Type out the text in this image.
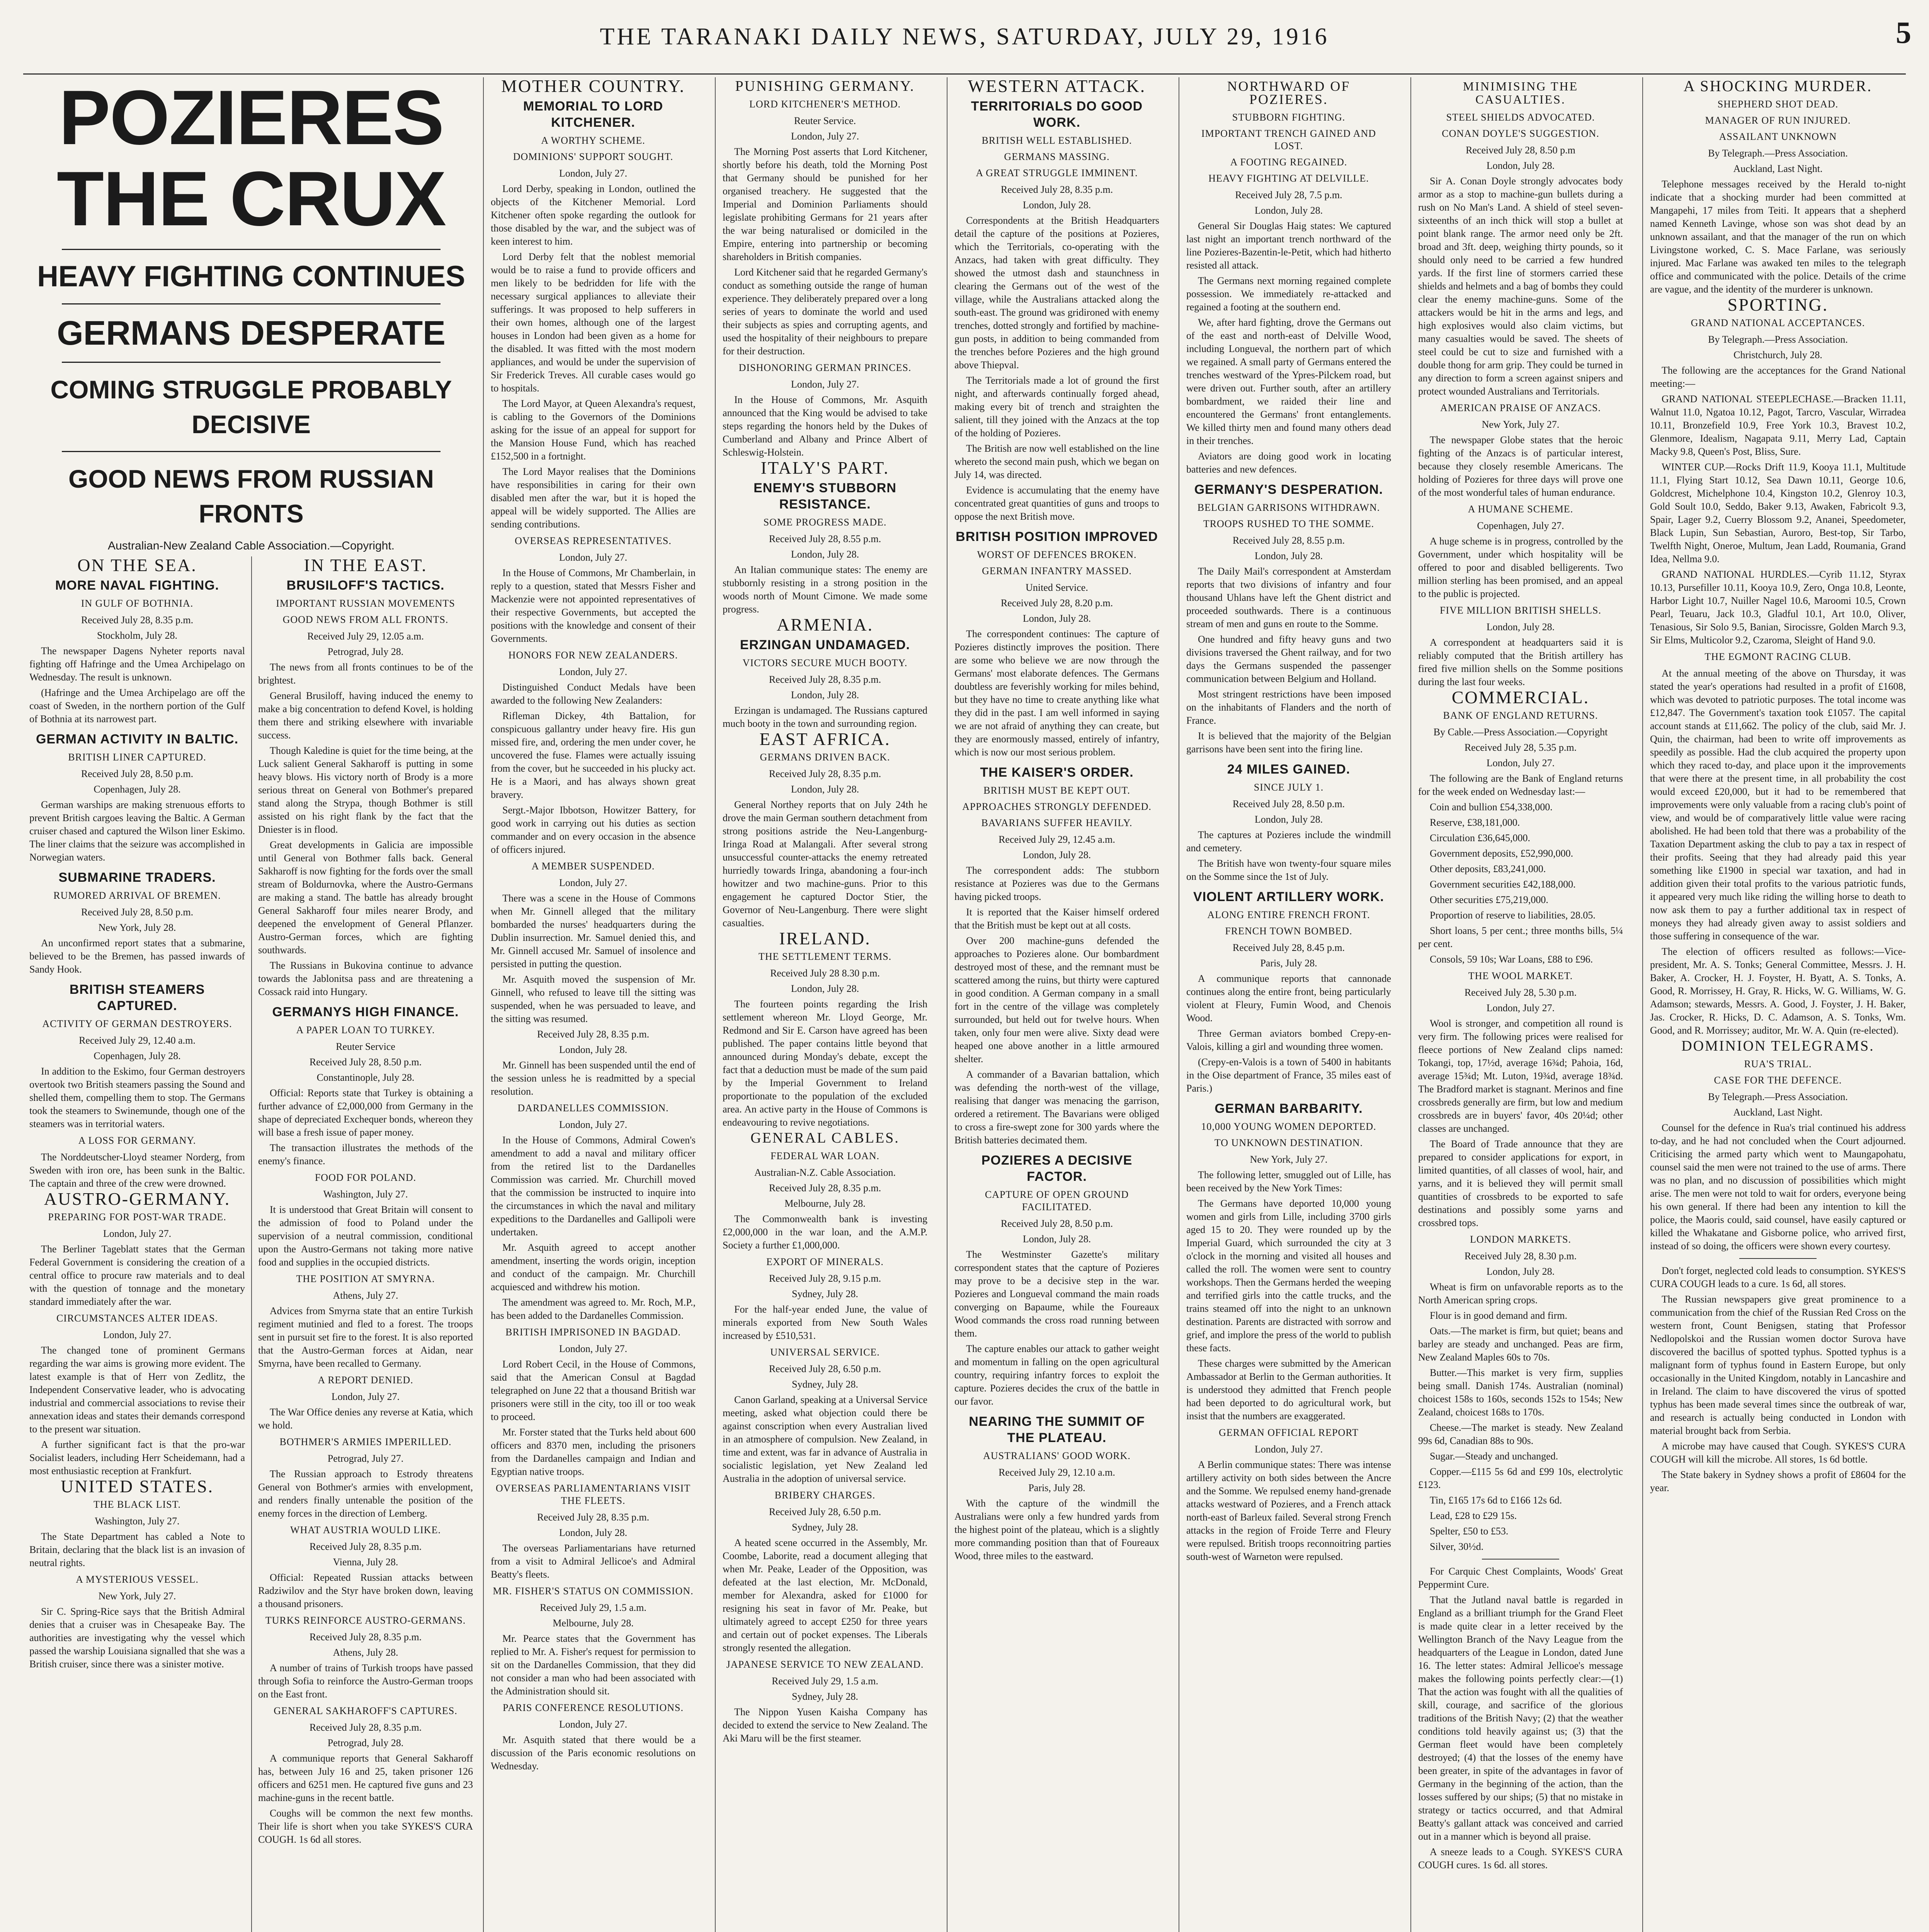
THE TARANAKI DAILY NEWS, SATURDAY, JULY 29, 1916	5
POZIERES THE CRUX
HEAVY FIGHTING CONTINUES
GERMANS DESPERATE
COMING STRUGGLE PROBABLY DECISIVE
GOOD NEWS FROM RUSSIAN FRONTS
Australian-New Zealand Cable Association.—Copyright.
ON THE SEA.
MORE NAVAL FIGHTING.
IN GULF OF BOTHNIA.
Received July 28, 8.35 p.m.
Stockholm, July 28.

The newspaper Dagens Nyheter reports naval fighting off Hafringe and the Umea Archipelago on Wednesday. The result is unknown.

(Hafringe and the Umea Archipelago are off the coast of Sweden, in the northern portion of the Gulf of Bothnia at its narrowest part.

GERMAN ACTIVITY IN BALTIC.
BRITISH LINER CAPTURED.
Received July 28, 8.50 p.m.
Copenhagen, July 28.

German warships are making strenuous efforts to prevent British cargoes leaving the Baltic. A German cruiser chased and captured the Wilson liner Eskimo. The liner claims that the seizure was accomplished in Norwegian waters.

SUBMARINE TRADERS.
RUMORED ARRIVAL OF BREMEN.
Received July 28, 8.50 p.m.
New York, July 28.

An unconfirmed report states that a submarine, believed to be the Bremen, has passed inwards of Sandy Hook.

BRITISH STEAMERS CAPTURED.
ACTIVITY OF GERMAN DESTROYERS.
Received July 29, 12.40 a.m.
Copenhagen, July 28.

In addition to the Eskimo, four German destroyers overtook two British steamers passing the Sound and shelled them, compelling them to stop. The Germans took the steamers to Swinemunde, though one of the steamers was in territorial waters.

A LOSS FOR GERMANY.

The Norddeutscher-Lloyd steamer Norderg, from Sweden with iron ore, has been sunk in the Baltic. The captain and three of the crew were drowned.

AUSTRO-GERMANY.
PREPARING FOR POST-WAR TRADE.
London, July 27.

The Berliner Tageblatt states that the German Federal Government is considering the creation of a central office to procure raw materials and to deal with the question of tonnage and the monetary standard immediately after the war.

CIRCUMSTANCES ALTER IDEAS.
London, July 27.

The changed tone of prominent Germans regarding the war aims is growing more evident. The latest example is that of Herr von Zedlitz, the Independent Conservative leader, who is advocating industrial and commercial associations to revise their annexation ideas and states their demands correspond to the present war situation.

A further significant fact is that the pro-war Socialist leaders, including Herr Scheidemann, had a most enthusiastic reception at Frankfurt.

UNITED STATES.
THE BLACK LIST.
Washington, July 27.

The State Department has cabled a Note to Britain, declaring that the black list is an invasion of neutral rights.

A MYSTERIOUS VESSEL.
New York, July 27.

Sir C. Spring-Rice says that the British Admiral denies that a cruiser was in Chesapeake Bay. The authorities are investigating why the vessel which passed the warship Louisiana signalled that she was a British cruiser, since there was a sinister motive.

IN THE EAST.
BRUSILOFF'S TACTICS.
IMPORTANT RUSSIAN MOVEMENTS
GOOD NEWS FROM ALL FRONTS.
Received July 29, 12.05 a.m.
Petrograd, July 28.

The news from all fronts continues to be of the brightest.

General Brusiloff, having induced the enemy to make a big concentration to defend Kovel, is holding them there and striking elsewhere with invariable success.

Though Kaledine is quiet for the time being, at the Luck salient General Sakharoff is putting in some heavy blows. His victory north of Brody is a more serious threat on General von Bothmer's prepared stand along the Strypa, though Bothmer is still assisted on his right flank by the fact that the Dniester is in flood.

Great developments in Galicia are impossible until General von Bothmer falls back. General Sakharoff is now fighting for the fords over the small stream of Boldurnovka, where the Austro-Germans are making a stand. The battle has already brought General Sakharoff four miles nearer Brody, and deepened the envelopment of General Pflanzer. Austro-German forces, which are fighting southwards.

The Russians in Bukovina continue to advance towards the Jablonitsa pass and are threatening a Cossack raid into Hungary.

GERMANYS HIGH FINANCE.
A PAPER LOAN TO TURKEY.
Reuter Service
Received July 28, 8.50 p.m.
Constantinople, July 28.

Official: Reports state that Turkey is obtaining a further advance of £2,000,000 from Germany in the shape of depreciated Exchequer bonds, whereon they will base a fresh issue of paper money.

The transaction illustrates the methods of the enemy's finance.

FOOD FOR POLAND.
Washington, July 27.

It is understood that Great Britain will consent to the admission of food to Poland under the supervision of a neutral commission, conditional upon the Austro-Germans not taking more native food and supplies in the occupied districts.

THE POSITION AT SMYRNA.
Athens, July 27.

Advices from Smyrna state that an entire Turkish regiment mutinied and fled to a forest. The troops sent in pursuit set fire to the forest. It is also reported that the Austro-German forces at Aidan, near Smyrna, have been recalled to Germany.

A REPORT DENIED.
London, July 27.

The War Office denies any reverse at Katia, which we hold.

BOTHMER'S ARMIES IMPERILLED.
Petrograd, July 27.

The Russian approach to Estrody threatens General von Bothmer's armies with envelopment, and renders finally untenable the position of the enemy forces in the direction of Lemberg.

WHAT AUSTRIA WOULD LIKE.
Received July 28, 8.35 p.m.
Vienna, July 28.

Official: Repeated Russian attacks between Radziwilov and the Styr have broken down, leaving a thousand prisoners.

TURKS REINFORCE AUSTRO-GERMANS.
Received July 28, 8.35 p.m.
Athens, July 28.

A number of trains of Turkish troops have passed through Sofia to reinforce the Austro-German troops on the East front.

GENERAL SAKHAROFF'S CAPTURES.
Received July 28, 8.35 p.m.
Petrograd, July 28.

A communique reports that General Sakharoff has, between July 16 and 25, taken prisoner 126 officers and 6251 men. He captured five guns and 23 machine-guns in the recent battle.

Coughs will be common the next few months. Their life is short when you take SYKES'S CURA COUGH. 1s 6d all stores.

MOTHER COUNTRY.
MEMORIAL TO LORD KITCHENER.
A WORTHY SCHEME.
DOMINIONS' SUPPORT SOUGHT.
London, July 27.

Lord Derby, speaking in London, outlined the objects of the Kitchener Memorial. Lord Kitchener often spoke regarding the outlook for those disabled by the war, and the subject was of keen interest to him.

Lord Derby felt that the noblest memorial would be to raise a fund to provide officers and men likely to be bedridden for life with the necessary surgical appliances to alleviate their sufferings. It was proposed to help sufferers in their own homes, although one of the largest houses in London had been given as a home for the disabled. It was fitted with the most modern appliances, and would be under the supervision of Sir Frederick Treves. All curable cases would go to hospitals.

The Lord Mayor, at Queen Alexandra's request, is cabling to the Governors of the Dominions asking for the issue of an appeal for support for the Mansion House Fund, which has reached £152,500 in a fortnight.

The Lord Mayor realises that the Dominions have responsibilities in caring for their own disabled men after the war, but it is hoped the appeal will be widely supported. The Allies are sending contributions.

OVERSEAS REPRESENTATIVES.
London, July 27.

In the House of Commons, Mr Chamberlain, in reply to a question, stated that Messrs Fisher and Mackenzie were not appointed representatives of their respective Governments, but accepted the positions with the knowledge and consent of their Governments.

HONORS FOR NEW ZEALANDERS.
London, July 27.

Distinguished Conduct Medals have been awarded to the following New Zealanders:

Rifleman Dickey, 4th Battalion, for conspicuous gallantry under heavy fire. His gun missed fire, and, ordering the men under cover, he uncovered the fuse. Flames were actually issuing from the cover, but he succeeded in his plucky act. He is a Maori, and has always shown great bravery.

Sergt.-Major Ibbotson, Howitzer Battery, for good work in carrying out his duties as section commander and on every occasion in the absence of officers injured.

A MEMBER SUSPENDED.
London, July 27.

There was a scene in the House of Commons when Mr. Ginnell alleged that the military bombarded the nurses' headquarters during the Dublin insurrection. Mr. Samuel denied this, and Mr. Ginnell accused Mr. Samuel of insolence and persisted in putting the question.

Mr. Asquith moved the suspension of Mr. Ginnell, who refused to leave till the sitting was suspended, when he was persuaded to leave, and the sitting was resumed.

Received July 28, 8.35 p.m.
London, July 28.

Mr. Ginnell has been suspended until the end of the session unless he is readmitted by a special resolution.

DARDANELLES COMMISSION.
London, July 27.

In the House of Commons, Admiral Cowen's amendment to add a naval and military officer from the retired list to the Dardanelles Commission was carried. Mr. Churchill moved that the commission be instructed to inquire into the circumstances in which the naval and military expeditions to the Dardanelles and Gallipoli were undertaken.

Mr. Asquith agreed to accept another amendment, inserting the words origin, inception and conduct of the campaign. Mr. Churchill acquiesced and withdrew his motion.

The amendment was agreed to. Mr. Roch, M.P., has been added to the Dardanelles Commission.

BRITISH IMPRISONED IN BAGDAD.
London, July 27.

Lord Robert Cecil, in the House of Commons, said that the American Consul at Bagdad telegraphed on June 22 that a thousand British war prisoners were still in the city, too ill or too weak to proceed.

Mr. Forster stated that the Turks held about 600 officers and 8370 men, including the prisoners from the Dardanelles campaign and Indian and Egyptian native troops.

OVERSEAS PARLIAMENTARIANS VISIT THE FLEETS.
Received July 28, 8.35 p.m.
London, July 28.

The overseas Parliamentarians have returned from a visit to Admiral Jellicoe's and Admiral Beatty's fleets.

MR. FISHER'S STATUS ON COMMISSION.
Received July 29, 1.5 a.m.
Melbourne, July 28.

Mr. Pearce states that the Government has replied to Mr. A. Fisher's request for permission to sit on the Dardanelles Commission, that they did not consider a man who had been associated with the Administration should sit.

PARIS CONFERENCE RESOLUTIONS.
London, July 27.

Mr. Asquith stated that there would be a discussion of the Paris economic resolutions on Wednesday.

PUNISHING GERMANY.
LORD KITCHENER'S METHOD.
Reuter Service.
London, July 27.

The Morning Post asserts that Lord Kitchener, shortly before his death, told the Morning Post that Germany should be punished for her organised treachery. He suggested that the Imperial and Dominion Parliaments should legislate prohibiting Germans for 21 years after the war being naturalised or domiciled in the Empire, entering into partnership or becoming shareholders in British companies.

Lord Kitchener said that he regarded Germany's conduct as something outside the range of human experience. They deliberately prepared over a long series of years to dominate the world and used their subjects as spies and corrupting agents, and used the hospitality of their neighbours to prepare for their destruction.

DISHONORING GERMAN PRINCES.
London, July 27.

In the House of Commons, Mr. Asquith announced that the King would be advised to take steps regarding the honors held by the Dukes of Cumberland and Albany and Prince Albert of Schleswig-Holstein.

ITALY'S PART.
ENEMY'S STUBBORN RESISTANCE.
SOME PROGRESS MADE.
Received July 28, 8.55 p.m.
London, July 28.

An Italian communique states: The enemy are stubbornly resisting in a strong position in the woods north of Mount Cimone. We made some progress.

ARMENIA.
ERZINGAN UNDAMAGED.
VICTORS SECURE MUCH BOOTY.
Received July 28, 8.35 p.m.
London, July 28.

Erzingan is undamaged. The Russians captured much booty in the town and surrounding region.

EAST AFRICA.
GERMANS DRIVEN BACK.
Received July 28, 8.35 p.m.
London, July 28.

General Northey reports that on July 24th he drove the main German southern detachment from strong positions astride the Neu-Langenburg-Iringa Road at Malangali. After several strong unsuccessful counter-attacks the enemy retreated hurriedly towards Iringa, abandoning a four-inch howitzer and two machine-guns. Prior to this engagement he captured Doctor Stier, the Governor of Neu-Langenburg. There were slight casualties.

IRELAND.
THE SETTLEMENT TERMS.
Received July 28 8.30 p.m.
London, July 28.

The fourteen points regarding the Irish settlement whereon Mr. Lloyd George, Mr. Redmond and Sir E. Carson have agreed has been published. The paper contains little beyond that announced during Monday's debate, except the fact that a deduction must be made of the sum paid by the Imperial Government to Ireland proportionate to the population of the excluded area. An active party in the House of Commons is endeavouring to revive negotiations.

GENERAL CABLES.
FEDERAL WAR LOAN.
Australian-N.Z. Cable Association.
Received July 28, 8.35 p.m.
Melbourne, July 28.

The Commonwealth bank is investing £2,000,000 in the war loan, and the A.M.P. Society a further £1,000,000.

EXPORT OF MINERALS.
Received July 28, 9.15 p.m.
Sydney, July 28.

For the half-year ended June, the value of minerals exported from New South Wales increased by £510,531.

UNIVERSAL SERVICE.
Received July 28, 6.50 p.m.
Sydney, July 28.

Canon Garland, speaking at a Universal Service meeting, asked what objection could there be against conscription when every Australian lived in an atmosphere of compulsion. New Zealand, in time and extent, was far in advance of Australia in socialistic legislation, yet New Zealand led Australia in the adoption of universal service.

BRIBERY CHARGES.
Received July 28, 6.50 p.m.
Sydney, July 28.

A heated scene occurred in the Assembly, Mr. Coombe, Laborite, read a document alleging that when Mr. Peake, Leader of the Opposition, was defeated at the last election, Mr. McDonald, member for Alexandra, asked for £1000 for resigning his seat in favor of Mr. Peake, but ultimately agreed to accept £250 for three years and certain out of pocket expenses. The Liberals strongly resented the allegation.

JAPANESE SERVICE TO NEW ZEALAND.
Received July 29, 1.5 a.m.
Sydney, July 28.

The Nippon Yusen Kaisha Company has decided to extend the service to New Zealand. The Aki Maru will be the first steamer.

WESTERN ATTACK.
TERRITORIALS DO GOOD WORK.
BRITISH WELL ESTABLISHED.
GERMANS MASSING.
A GREAT STRUGGLE IMMINENT.
Received July 28, 8.35 p.m.
London, July 28.

Correspondents at the British Headquarters detail the capture of the positions at Pozieres, which the Territorials, co-operating with the Anzacs, had taken with great difficulty. They showed the utmost dash and staunchness in clearing the Germans out of the west of the village, while the Australians attacked along the south-east. The ground was gridironed with enemy trenches, dotted strongly and fortified by machine-gun posts, in addition to being commanded from the trenches before Pozieres and the high ground above Thiepval.

The Territorials made a lot of ground the first night, and afterwards continually forged ahead, making every bit of trench and straighten the salient, till they joined with the Anzacs at the top of the holding of Pozieres.

The British are now well established on the line whereto the second main push, which we began on July 14, was directed.

Evidence is accumulating that the enemy have concentrated great quantities of guns and troops to oppose the next British move.

BRITISH POSITION IMPROVED
WORST OF DEFENCES BROKEN.
GERMAN INFANTRY MASSED.
United Service.
Received July 28, 8.20 p.m.
London, July 28.

The correspondent continues: The capture of Pozieres distinctly improves the position. There are some who believe we are now through the Germans' most elaborate defences. The Germans doubtless are feverishly working for miles behind, but they have no time to create anything like what they did in the past. I am well informed in saying we are not afraid of anything they can create, but they are enormously massed, entirely of infantry, which is now our most serious problem.

THE KAISER'S ORDER.
BRITISH MUST BE KEPT OUT.
APPROACHES STRONGLY DEFENDED.
BAVARIANS SUFFER HEAVILY.
Received July 29, 12.45 a.m.
London, July 28.

The correspondent adds: The stubborn resistance at Pozieres was due to the Germans having picked troops.

It is reported that the Kaiser himself ordered that the British must be kept out at all costs.

Over 200 machine-guns defended the approaches to Pozieres alone. Our bombardment destroyed most of these, and the remnant must be scattered among the ruins, but thirty were captured in good condition. A German company in a small fort in the centre of the village was completely surrounded, but held out for twelve hours. When taken, only four men were alive. Sixty dead were heaped one above another in a little armoured shelter.

A commander of a Bavarian battalion, which was defending the north-west of the village, realising that danger was menacing the garrison, ordered a retirement. The Bavarians were obliged to cross a fire-swept zone for 300 yards where the British batteries decimated them.

POZIERES A DECISIVE FACTOR.
CAPTURE OF OPEN GROUND FACILITATED.
Received July 28, 8.50 p.m.
London, July 28.

The Westminster Gazette's military correspondent states that the capture of Pozieres may prove to be a decisive step in the war. Pozieres and Longueval command the main roads converging on Bapaume, while the Foureaux Wood commands the cross road running between them.

The capture enables our attack to gather weight and momentum in falling on the open agricultural country, requiring infantry forces to exploit the capture. Pozieres decides the crux of the battle in our favor.

NEARING THE SUMMIT OF THE PLATEAU.
AUSTRALIANS' GOOD WORK.
Received July 29, 12.10 a.m.
Paris, July 28.

With the capture of the windmill the Australians were only a few hundred yards from the highest point of the plateau, which is a slightly more commanding position than that of Foureaux Wood, three miles to the eastward.

NORTHWARD OF POZIERES.
STUBBORN FIGHTING.
IMPORTANT TRENCH GAINED AND LOST.
A FOOTING REGAINED.
HEAVY FIGHTING AT DELVILLE.
Received July 28, 7.5 p.m.
London, July 28.

General Sir Douglas Haig states: We captured last night an important trench northward of the line Pozieres-Bazentin-le-Petit, which had hitherto resisted all attack.

The Germans next morning regained complete possession. We immediately re-attacked and regained a footing at the southern end.

We, after hard fighting, drove the Germans out of the east and north-east of Delville Wood, including Longueval, the northern part of which we regained. A small party of Germans entered the trenches westward of the Ypres-Pilckem road, but were driven out. Further south, after an artillery bombardment, we raided their line and encountered the Germans' front entanglements. We killed thirty men and found many others dead in their trenches.

Aviators are doing good work in locating batteries and new defences.

GERMANY'S DESPERATION.
BELGIAN GARRISONS WITHDRAWN.
TROOPS RUSHED TO THE SOMME.
Received July 28, 8.55 p.m.
London, July 28.

The Daily Mail's correspondent at Amsterdam reports that two divisions of infantry and four thousand Uhlans have left the Ghent district and proceeded southwards. There is a continuous stream of men and guns en route to the Somme.

One hundred and fifty heavy guns and two divisions traversed the Ghent railway, and for two days the Germans suspended the passenger communication between Belgium and Holland.

Most stringent restrictions have been imposed on the inhabitants of Flanders and the north of France.

It is believed that the majority of the Belgian garrisons have been sent into the firing line.

24 MILES GAINED.
SINCE JULY 1.
Received July 28, 8.50 p.m.
London, July 28.

The captures at Pozieres include the windmill and cemetery.

The British have won twenty-four square miles on the Somme since the 1st of July.

VIOLENT ARTILLERY WORK.
ALONG ENTIRE FRENCH FRONT.
FRENCH TOWN BOMBED.
Received July 28, 8.45 p.m.
Paris, July 28.

A communique reports that cannonade continues along the entire front, being particularly violent at Fleury, Fumin Wood, and Chenois Wood.

Three German aviators bombed Crepy-en-Valois, killing a girl and wounding three women.

(Crepy-en-Valois is a town of 5400 in habitants in the Oise department of France, 35 miles east of Paris.)

GERMAN BARBARITY.
10,000 YOUNG WOMEN DEPORTED.
TO UNKNOWN DESTINATION.
New York, July 27.

The following letter, smuggled out of Lille, has been received by the New York Times:

The Germans have deported 10,000 young women and girls from Lille, including 3700 girls aged 15 to 20. They were rounded up by the Imperial Guard, which surrounded the city at 3 o'clock in the morning and visited all houses and called the roll. The women were sent to country workshops. Then the Germans herded the weeping and terrified girls into the cattle trucks, and the trains steamed off into the night to an unknown destination. Parents are distracted with sorrow and grief, and implore the press of the world to publish these facts.

These charges were submitted by the American Ambassador at Berlin to the German authorities. It is understood they admitted that French people had been deported to do agricultural work, but insist that the numbers are exaggerated.

GERMAN OFFICIAL REPORT
London, July 27.

A Berlin communique states: There was intense artillery activity on both sides between the Ancre and the Somme. We repulsed enemy hand-grenade attacks westward of Pozieres, and a French attack north-east of Barleux failed. Several strong French attacks in the region of Froide Terre and Fleury were repulsed. British troops reconnoitring parties south-west of Warneton were repulsed.

MINIMISING THE CASUALTIES.
STEEL SHIELDS ADVOCATED.
CONAN DOYLE'S SUGGESTION.
Received July 28, 8.50 p.m
London, July 28.

Sir A. Conan Doyle strongly advocates body armor as a stop to machine-gun bullets during a rush on No Man's Land. A shield of steel seven-sixteenths of an inch thick will stop a bullet at point blank range. The armor need only be 2ft. broad and 3ft. deep, weighing thirty pounds, so it should only need to be carried a few hundred yards. If the first line of stormers carried these shields and helmets and a bag of bombs they could clear the enemy machine-guns. Some of the attackers would be hit in the arms and legs, and high explosives would also claim victims, but many casualties would be saved. The sheets of steel could be cut to size and furnished with a double thong for arm grip. They could be turned in any direction to form a screen against snipers and protect wounded Australians and Territorials.

AMERICAN PRAISE OF ANZACS.
New York, July 27.

The newspaper Globe states that the heroic fighting of the Anzacs is of particular interest, because they closely resemble Americans. The holding of Pozieres for three days will prove one of the most wonderful tales of human endurance.

A HUMANE SCHEME.
Copenhagen, July 27.

A huge scheme is in progress, controlled by the Government, under which hospitality will be offered to poor and disabled belligerents. Two million sterling has been promised, and an appeal to the public is projected.

FIVE MILLION BRITISH SHELLS.
London, July 28.

A correspondent at headquarters said it is reliably computed that the British artillery has fired five million shells on the Somme positions during the last four weeks.

COMMERCIAL.
BANK OF ENGLAND RETURNS.
By Cable.—Press Association.—Copyright
Received July 28, 5.35 p.m.
London, July 27.

The following are the Bank of England returns for the week ended on Wednesday last:—

Coin and bullion £54,338,000.

Reserve, £38,181,000.

Circulation £36,645,000.

Government deposits, £52,990,000.

Other deposits, £83,241,000.

Government securities £42,188,000.

Other securities £75,219,000.

Proportion of reserve to liabilities, 28.05.

Short loans, 5 per cent.; three months bills, 5¼ per cent.

Consols, 59 10s; War Loans, £88 to £96.

THE WOOL MARKET.
Received July 28, 5.30 p.m.
London, July 27.

Wool is stronger, and competition all round is very firm. The following prices were realised for fleece portions of New Zealand clips named: Tokangi, top, 17½d, average 16¾d; Pahoia, 16d, average 15¾d; Mt. Luton, 19¾d, average 18¾d. The Bradford market is stagnant. Merinos and fine crossbreds generally are firm, but low and medium crossbreds are in buyers' favor, 40s 20¼d; other classes are unchanged.

The Board of Trade announce that they are prepared to consider applications for export, in limited quantities, of all classes of wool, hair, and yarns, and it is believed they will permit small quantities of crossbreds to be exported to safe destinations and possibly some yarns and crossbred tops.

LONDON MARKETS.
Received July 28, 8.30 p.m.
London, July 28.

Wheat is firm on unfavorable reports as to the North American spring crops.

Flour is in good demand and firm.

Oats.—The market is firm, but quiet; beans and barley are steady and unchanged. Peas are firm, New Zealand Maples 60s to 70s.

Butter.—This market is very firm, supplies being small. Danish 174s. Australian (nominal) choicest 158s to 160s, seconds 152s to 154s; New Zealand, choicest 168s to 170s.

Cheese.—The market is steady. New Zealand 99s 6d, Canadian 88s to 90s.

Sugar.—Steady and unchanged.

Copper.—£115 5s 6d and £99 10s, electrolytic £123.

Tin, £165 17s 6d to £166 12s 6d.

Lead, £28 to £29 15s.

Spelter, £50 to £53.

Silver, 30½d.

For Carquic Chest Complaints, Woods' Great Peppermint Cure.

That the Jutland naval battle is regarded in England as a brilliant triumph for the Grand Fleet is made quite clear in a letter received by the Wellington Branch of the Navy League from the headquarters of the League in London, dated June 16. The letter states: Admiral Jellicoe's message makes the following points perfectly clear:—(1) That the action was fought with all the qualities of skill, courage, and sacrifice of the glorious traditions of the British Navy; (2) that the weather conditions told heavily against us; (3) that the German fleet would have been completely destroyed; (4) that the losses of the enemy have been greater, in spite of the advantages in favor of Germany in the beginning of the action, than the losses suffered by our ships; (5) that no mistake in strategy or tactics occurred, and that Admiral Beatty's gallant attack was conceived and carried out in a manner which is beyond all praise.

A sneeze leads to a Cough. SYKES'S CURA COUGH cures. 1s 6d. all stores.

A SHOCKING MURDER.
SHEPHERD SHOT DEAD.
MANAGER OF RUN INJURED.
ASSAILANT UNKNOWN
By Telegraph.—Press Association.
Auckland, Last Night.

Telephone messages received by the Herald to-night indicate that a shocking murder had been committed at Mangapehi, 17 miles from Teiti. It appears that a shepherd named Kenneth Lavinge, whose son was shot dead by an unknown assailant, and that the manager of the run on which Livingstone worked, C. S. Mace Farlane, was seriously injured. Mac Farlane was awaked ten miles to the telegraph office and communicated with the police. Details of the crime are vague, and the identity of the murderer is unknown.

SPORTING.
GRAND NATIONAL ACCEPTANCES.
By Telegraph.—Press Association.
Christchurch, July 28.

The following are the acceptances for the Grand National meeting:—

GRAND NATIONAL STEEPLECHASE.—Bracken 11.11, Walnut 11.0, Ngatoa 10.12, Pagot, Tarcro, Vascular, Wirradea 10.11, Bronzefield 10.9, Free York 10.3, Bravest 10.2, Glenmore, Idealism, Nagapata 9.11, Merry Lad, Captain Macky 9.8, Queen's Post, Bliss, Sure.

WINTER CUP.—Rocks Drift 11.9, Kooya 11.1, Multitude 11.1, Flying Start 10.12, Sea Dawn 10.11, George 10.6, Goldcrest, Michelphone 10.4, Kingston 10.2, Glenroy 10.3, Gold Soult 10.0, Seddo, Baker 9.13, Awaken, Fabricolt 9.3, Spair, Lager 9.2, Cuerry Blossom 9.2, Ananei, Speedometer, Black Lupin, Sun Sebastian, Auroro, Best-top, Sir Tarbo, Twelfth Night, Oneroe, Multum, Jean Ladd, Roumania, Grand Idea, Nellma 9.0.

GRAND NATIONAL HURDLES.—Cyrib 11.12, Styrax 10.13, Pursefiller 10.11, Kooya 10.9, Zero, Onga 10.8, Leonte, Harbor Light 10.7, Nuiller Nagel 10.6, Maroomi 10.5, Crown Pearl, Teuaru, Jack 10.3, Gladful 10.1, Art 10.0, Oliver, Tenasious, Sir Solo 9.5, Banian, Sirocissre, Golden March 9.3, Sir Elms, Multicolor 9.2, Czaroma, Sleight of Hand 9.0.

THE EGMONT RACING CLUB.

At the annual meeting of the above on Thursday, it was stated the year's operations had resulted in a profit of £1608, which was devoted to patriotic purposes. The total income was £12,847. The Government's taxation took £1057. The capital account stands at £11,662. The policy of the club, said Mr. J. Quin, the chairman, had been to write off improvements as speedily as possible. Had the club acquired the property upon which they raced to-day, and place upon it the improvements that were there at the present time, in all probability the cost would exceed £20,000, but it had to be remembered that improvements were only valuable from a racing club's point of view, and would be of comparatively little value were racing abolished. He had been told that there was a probability of the Taxation Department asking the club to pay a tax in respect of their profits. Seeing that they had already paid this year something like £1900 in special war taxation, and had in addition given their total profits to the various patriotic funds, it appeared very much like riding the willing horse to death to now ask them to pay a further additional tax in respect of moneys they had already given away to assist soldiers and those suffering in consequence of the war.

The election of officers resulted as follows:—Vice-president, Mr. A. S. Tonks; General Committee, Messrs. J. H. Baker, A. Crocker, H. J. Foyster, H. Byatt, A. S. Tonks, A. Good, R. Morrissey, H. Gray, R. Hicks, W. G. Williams, W. G. Adamson; stewards, Messrs. A. Good, J. Foyster, J. H. Baker, Jas. Crocker, R. Hicks, D. C. Adamson, A. S. Tonks, Wm. Good, and R. Morrissey; auditor, Mr. W. A. Quin (re-elected).

DOMINION TELEGRAMS.
RUA'S TRIAL.
CASE FOR THE DEFENCE.
By Telegraph.—Press Association.
Auckland, Last Night.

Counsel for the defence in Rua's trial continued his address to-day, and he had not concluded when the Court adjourned. Criticising the armed party which went to Maungapohatu, counsel said the men were not trained to the use of arms. There was no plan, and no discussion of possibilities which might arise. The men were not told to wait for orders, everyone being his own general. If there had been any intention to kill the police, the Maoris could, said counsel, have easily captured or killed the Whakatane and Gisborne police, who arrived first, instead of so doing, the officers were shown every courtesy.

Don't forget, neglected cold leads to consumption. SYKES'S CURA COUGH leads to a cure. 1s 6d, all stores.

The Russian newspapers give great prominence to a communication from the chief of the Russian Red Cross on the western front, Count Benigsen, stating that Professor Nedlopolskoi and the Russian women doctor Surova have discovered the bacillus of spotted typhus. Spotted typhus is a malignant form of typhus found in Eastern Europe, but only occasionally in the United Kingdom, notably in Lancashire and in Ireland. The claim to have discovered the virus of spotted typhus has been made several times since the outbreak of war, and research is actually being conducted in London with material brought back from Serbia.

A microbe may have caused that Cough. SYKES'S CURA COUGH will kill the microbe. All stores, 1s 6d bottle.

The State bakery in Sydney shows a profit of £8604 for the year.
